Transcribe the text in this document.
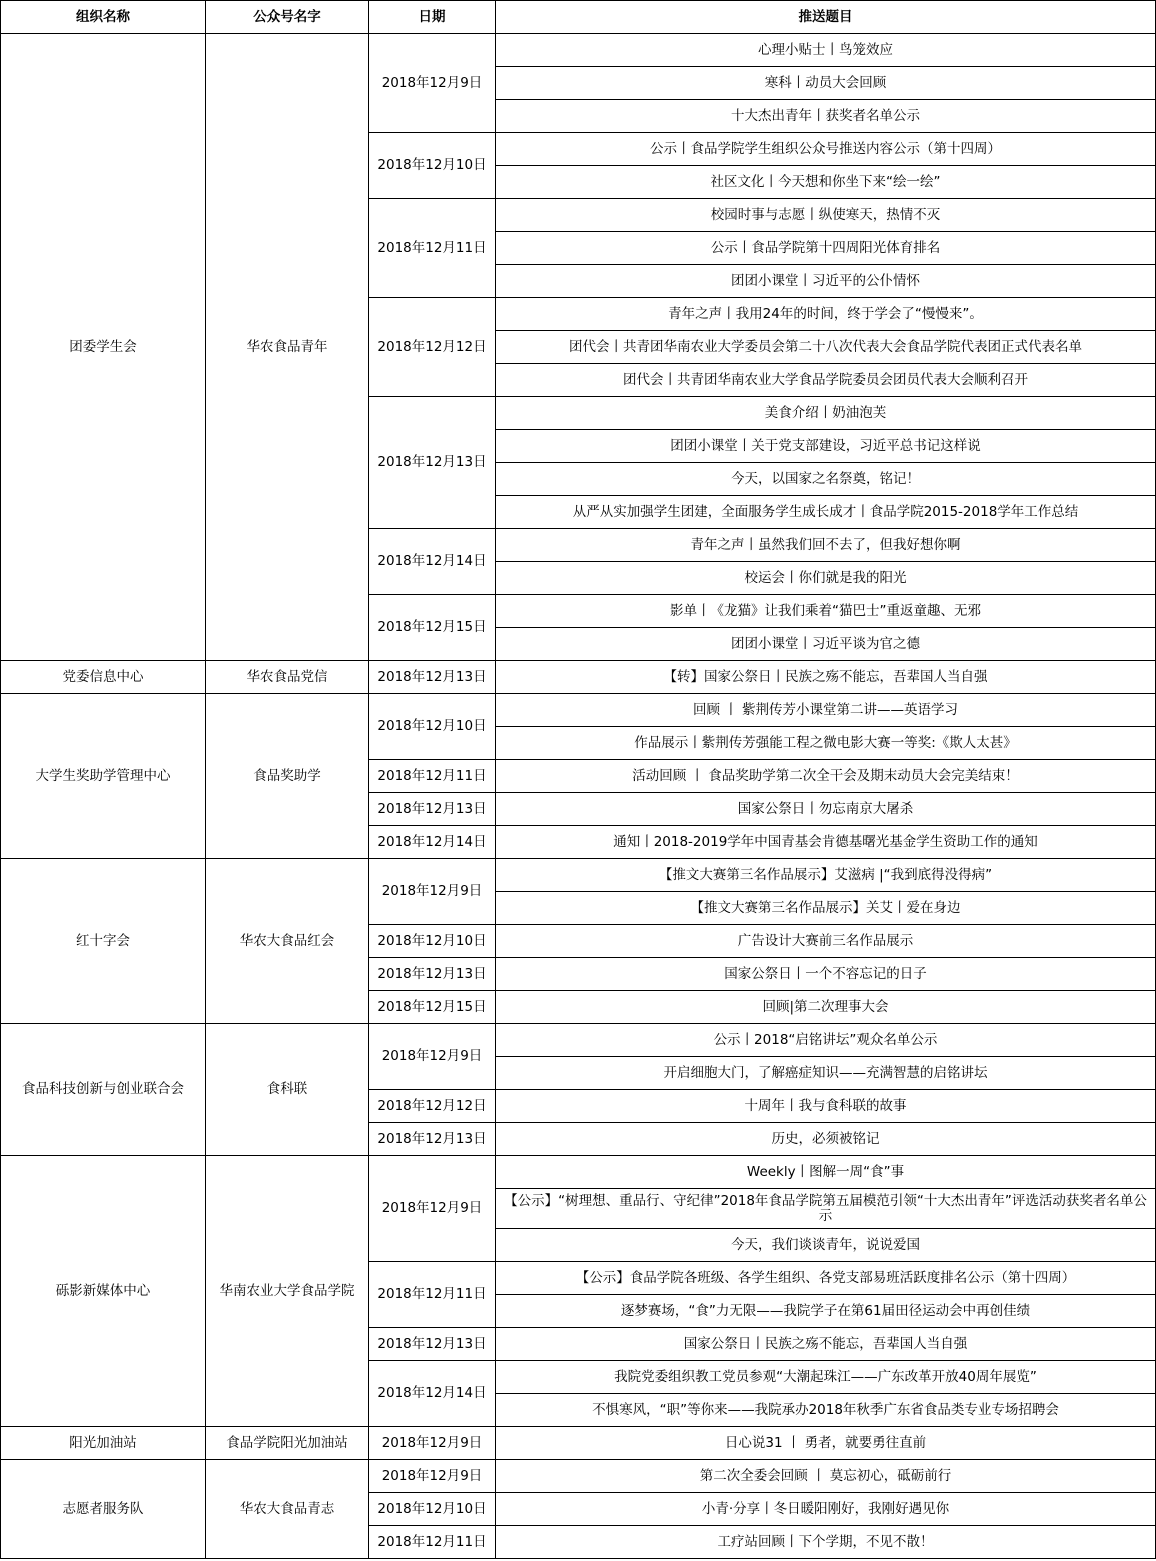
组织名称	公众号名字	日期	推送题目
团委学生会	华农食品青年	2018年12月9日	心理小贴士丨鸟笼效应
			寒科丨动员大会回顾
			十大杰出青年丨获奖者名单公示
		2018年12月10日	公示丨食品学院学生组织公众号推送内容公示（第十四周）
			社区文化丨今天想和你坐下来“绘一绘”
		2018年12月11日	校园时事与志愿丨纵使寒天，热情不灭
			公示丨食品学院第十四周阳光体育排名
			团团小课堂丨习近平的公仆情怀
		2018年12月12日	青年之声丨我用24年的时间，终于学会了“慢慢来”。
			团代会丨共青团华南农业大学委员会第二十八次代表大会食品学院代表团正式代表名单
			团代会丨共青团华南农业大学食品学院委员会团员代表大会顺利召开
		2018年12月13日	美食介绍丨奶油泡芙
			团团小课堂丨关于党支部建设，习近平总书记这样说
			今天，以国家之名祭奠，铭记！
			从严从实加强学生团建，全面服务学生成长成才丨食品学院2015-2018学年工作总结
		2018年12月14日	青年之声丨虽然我们回不去了，但我好想你啊
			校运会丨你们就是我的阳光
		2018年12月15日	影单丨《龙猫》让我们乘着“猫巴士”重返童趣、无邪
			团团小课堂丨习近平谈为官之德
党委信息中心	华农食品党信	2018年12月13日	【转】国家公祭日丨民族之殇不能忘，吾辈国人当自强
大学生奖助学管理中心	食品奖助学	2018年12月10日	回顾 丨 紫荆传芳小课堂第二讲——英语学习
			作品展示丨紫荆传芳强能工程之微电影大赛一等奖:《欺人太甚》
		2018年12月11日	活动回顾 丨 食品奖助学第二次全干会及期末动员大会完美结束！
		2018年12月13日	国家公祭日丨勿忘南京大屠杀
		2018年12月14日	通知丨2018-2019学年中国青基会肯德基曙光基金学生资助工作的通知
红十字会	华农大食品红会	2018年12月9日	【推文大赛第三名作品展示】艾滋病 |“我到底得没得病”
			【推文大赛第三名作品展示】关艾丨爱在身边
		2018年12月10日	广告设计大赛前三名作品展示
		2018年12月13日	国家公祭日丨一个不容忘记的日子
		2018年12月15日	回顾|第二次理事大会
食品科技创新与创业联合会	食科联	2018年12月9日	公示丨2018“启铭讲坛”观众名单公示
			开启细胞大门，了解癌症知识——充满智慧的启铭讲坛
		2018年12月12日	十周年丨我与食科联的故事
		2018年12月13日	历史，必须被铭记
砾影新媒体中心	华南农业大学食品学院	2018年12月9日	Weekly丨图解一周“食”事
			【公示】“树理想、重品行、守纪律”2018年食品学院第五届模范引领“十大杰出青年”评选活动获奖者名单公示
			今天，我们谈谈青年，说说爱国
		2018年12月11日	【公示】食品学院各班级、各学生组织、各党支部易班活跃度排名公示（第十四周）
			逐梦赛场，“食”力无限——我院学子在第61届田径运动会中再创佳绩
		2018年12月13日	国家公祭日丨民族之殇不能忘，吾辈国人当自强
		2018年12月14日	我院党委组织教工党员参观“大潮起珠江——广东改革开放40周年展览”
			不惧寒风，“职”等你来——我院承办2018年秋季广东省食品类专业专场招聘会
阳光加油站	食品学院阳光加油站	2018年12月9日	日心说31 丨 勇者，就要勇往直前
志愿者服务队	华农大食品青志	2018年12月9日	第二次全委会回顾 丨 莫忘初心，砥砺前行
		2018年12月10日	小青·分享丨冬日暖阳刚好，我刚好遇见你
		2018年12月11日	工疗站回顾丨下个学期，不见不散！
